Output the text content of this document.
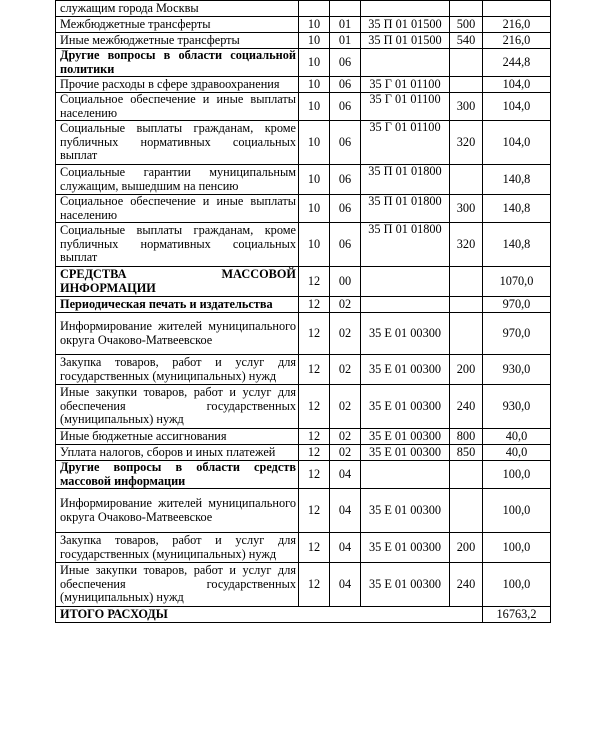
служащим города Москвы					
Межбюджетные трансферты	10	01	35 П 01 01500	500	216,0
Иные межбюджетные трансферты	10	01	35 П 01 01500	540	216,0
Другие вопросы в области социальной политики	10	06			244,8
Прочие расходы в сфере здравоохранения	10	06	35 Г 01 01100		104,0
Социальное обеспечение и иные выплаты населению	10	06	35 Г 01 01100	300	104,0
Социальные выплаты гражданам, кроме публичных нормативных социальных выплат	10	06	35 Г 01 01100	320	104,0
Социальные гарантии муниципальным служащим, вышедшим на пенсию	10	06	35 П 01 01800		140,8
Социальное обеспечение и иные выплаты населению	10	06	35 П 01 01800	300	140,8
Социальные выплаты гражданам, кроме публичных нормативных социальных выплат	10	06	35 П 01 01800	320	140,8
СРЕДСТВА МАССОВОЙ ИНФОРМАЦИИ	12	00			1070,0
Периодическая печать и издательства	12	02			970,0
Информирование жителей муниципального округа Очаково-Матвеевское	12	02	35 Е 01 00300		970,0
Закупка товаров, работ и услуг для государственных (муниципальных) нужд	12	02	35 Е 01 00300	200	930,0
Иные закупки товаров, работ и услуг для обеспечения государственных (муниципальных) нужд	12	02	35 Е 01 00300	240	930,0
Иные бюджетные ассигнования	12	02	35 Е 01 00300	800	40,0
Уплата налогов, сборов и иных платежей	12	02	35 Е 01 00300	850	40,0
Другие вопросы в области средств массовой информации	12	04			100,0
Информирование жителей муниципального округа Очаково-Матвеевское	12	04	35 Е 01 00300		100,0
Закупка товаров, работ и услуг для государственных (муниципальных) нужд	12	04	35 Е 01 00300	200	100,0
Иные закупки товаров, работ и услуг для обеспечения государственных (муниципальных) нужд	12	04	35 Е 01 00300	240	100,0
ИТОГО РАСХОДЫ					16763,2
